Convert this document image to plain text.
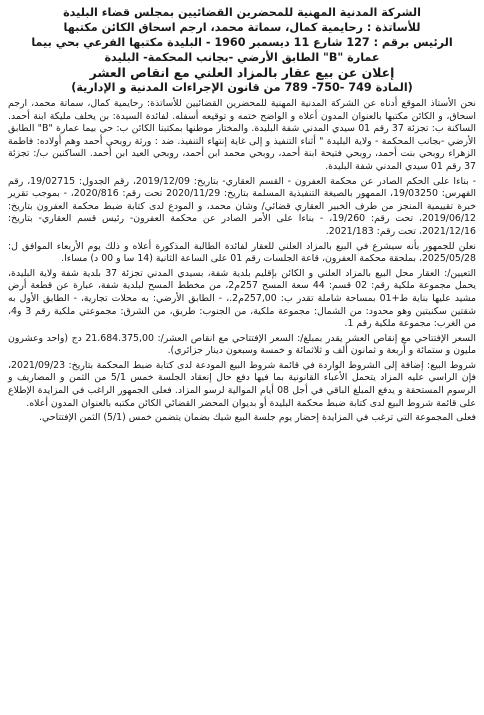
الشركة المدنية المهنية للمحضرين القضائيين بمجلس قضاء البليدة

للأساتذة : رحايمية كمال، سماتة محمد، ارجم اسحاق الكائن مكتبها

الرئيس برقم : 127 شارع 11 ديسمبر 1960 - البليدة مكتبها الفرعي بحي بيما

عمارة "B" الطابق الأرضي -بجانب المحكمة- البليدة

إعلان عن بيع عقار بالمزاد العلني مع انقاص العشر

(المادة 749 -750- 789 من قانون الإجراءات المدنية و الإدارية)

نحن الأستاذ الموقع أدناه عن الشركة المدنية المهنية للمحضرين القضائيين للأساتذة: رحايمية كمال، سماتة محمد، ارجم اسحاق، و الكائن مكتبها بالعنوان المدون أعلاه و الواضح ختمه و توقيعه أسفله. لفائدة السيدة: بن يخلف مليكة ابنة أحمد. الساكنة ب: تجزئة 37 رقم 01 سيدي المدني شفة البليدة. والمختار موطنها بمكتبنا الكائن ب: حي بيما عمارة "B" الطابق الأرضي -بجانب المحكمة - ولاية البليدة " أثناء التنفيذ و إلى غاية إنتهاء التنفيذ. ضد : ورثة روبحي أحمد وهم أولاده: فاطمة الزهراء روبحي بنت أحمد، روبحي فتيحة ابنة أحمد، روبحي محمد ابن أحمد، روبحي العيد ابن أحمد. الساكنين ب/: تجزئة 37 رقم 01 سيدي المدني شفة البليدة.

- بناءا على الحكم الصادر عن محكمة العفرون - القسم العقاري- بتاريخ: 2019/12/09، رقم الجدول: 19/02715، رقم الفهرس: 19/03250، الممهور بالصيغة التنفيذية المسلمة بتاريخ: 2020/11/29 تحت رقم: 2020/816، - بموجب تقرير خبرة تقييمية المنجز من طرف الخبير العقاري قضائي/ وشان محمد، و المودع لدى كتابة ضبط محكمة العفرون بتاريخ: 2019/06/12، تحت رقم: 19/260، - بناءا على الأمر الصادر عن محكمة العفرون- رئيس قسم العقاري- بتاريخ: 2021/12/16، تحت رقم: 2021/183.

نعلن للجمهور بأنه سيشرع في البيع بالمزاد العلني للعقار لفائدة الطالبة المذكورة أعلاه و ذلك يوم الأربعاء الموافق ل: 2025/05/28، بملحقة محكمة العفرون، قاعة الجلسات رقم 01 على الساعة الثانية (14 سا و 00 د) مساءا.

التعيين/: العقار محل البيع بالمزاد العلني و الكائن بإقليم بلدية شفة، بسيدي المدني تجزئة 37 بلدية شفة ولاية البليدة، يحمل مجموعة ملكية رقم: 02 قسم: 44 سعة المسح 257م2، من مخطط المسح لبلدية شفة، عبارة عن قطعة أرض مشيد عليها بناية ط+01 بمساحة شاملة تقدر ب: 257,00م2.، - الطابق الأرضي: به محلات تجارية، - الطابق الأول به شقتين سكنيتين وهو محدود: من الشمال: مجموعة ملكية، من الجنوب: طريق، من الشرق: مجموعتي ملكية رقم 3 و4، من الغرب: مجموعة ملكية رقم 1.

السعر الإفتتاحي مع إنقاص العشر يقدر بمبلغ/: السعر الإفتتاحي مع انقاص العشر/: 21.684.375,00 دج (واحد وعشرون مليون و ستمائة و أربعة و ثمانون ألف و ثلاثمائة و خمسة وسبعون دينار جزائري).

شروط البيع: إضافة إلى الشروط الواردة في قائمة شروط البيع المودعة لدى كتابة ضبط المحكمة بتاريخ: 2021/09/23، فإن الراسي عليه المزاد يتحمل الأعباء القانونية بما فيها دفع حال إنعقاد الجلسة خمس 5/1 من الثمن و المصاريف و الرسوم المستحقة و يدفع المبلغ الباقي في أجل 08 أيام الموالية لرسو المزاد. فعلى الجمهور الراغب في المزايدة الإطلاع على قائمة شروط البيع لدى كتابة ضبط محكمة البليدة أو بديوان المحضر القضائي الكائن مكتبه بالعنوان المدون أعلاه.

فعلى المجموعة التي ترغب في المزايدة إحضار يوم جلسة البيع شيك بضمان يتضمن خمس (5/1) الثمن الإفتتاحي.
